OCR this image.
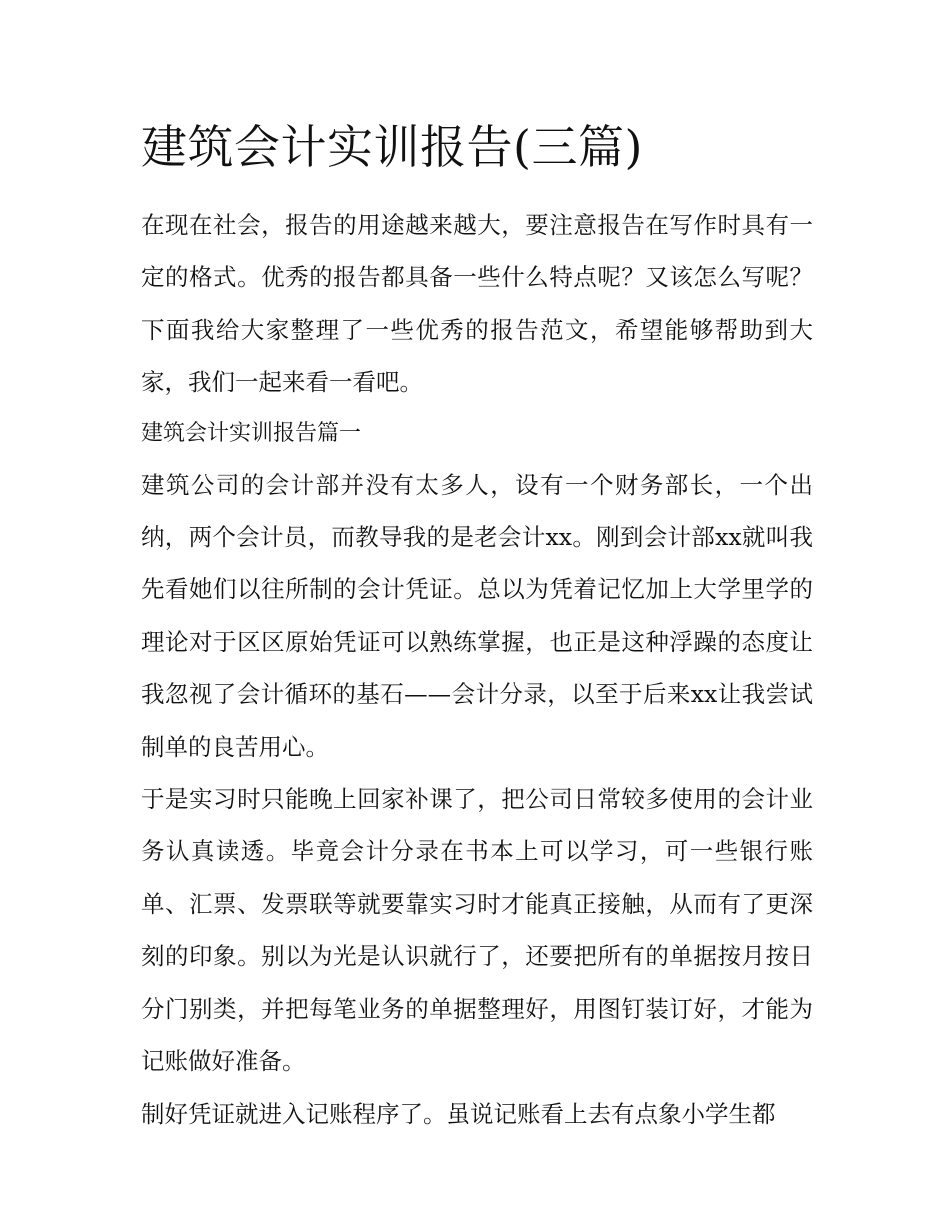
建筑会计实训报告(三篇)

在现在社会，报告的用途越来越大，要注意报告在写作时具有一定的格式。优秀的报告都具备一些什么特点呢？又该怎么写呢？下面我给大家整理了一些优秀的报告范文，希望能够帮助到大家，我们一起来看一看吧。

建筑会计实训报告篇一

建筑公司的会计部并没有太多人，设有一个财务部长，一个出纳，两个会计员，而教导我的是老会计xx。刚到会计部xx就叫我先看她们以往所制的会计凭证。总以为凭着记忆加上大学里学的理论对于区区原始凭证可以熟练掌握，也正是这种浮躁的态度让我忽视了会计循环的基石——会计分录，以至于后来xx让我尝试制单的良苦用心。

于是实习时只能晚上回家补课了，把公司日常较多使用的会计业务认真读透。毕竟会计分录在书本上可以学习，可一些银行账单、汇票、发票联等就要靠实习时才能真正接触，从而有了更深刻的印象。别以为光是认识就行了，还要把所有的单据按月按日分门别类，并把每笔业务的单据整理好，用图钉装订好，才能为记账做好准备。

制好凭证就进入记账程序了。虽说记账看上去有点象小学生都
